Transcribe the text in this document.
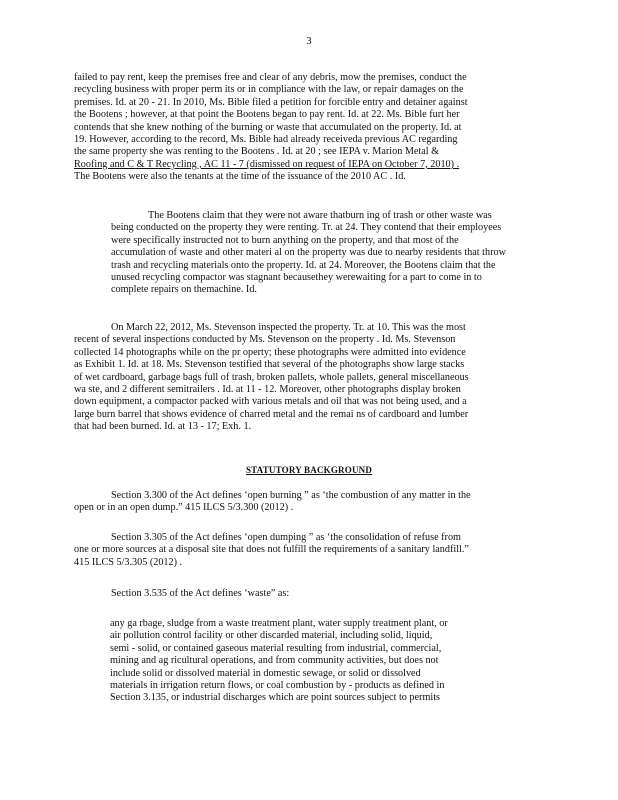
3
failed to pay rent, keep the premises free and clear of any debris, mow the premises, conduct the
recycling business with proper perm its or in compliance with the law, or repair damages on the
premises. Id. at 20 - 21. In 2010, Ms. Bible filed a petition for forcible entry and detainer against
the Bootens ; however, at that point the Bootens began to pay rent. Id. at 22. Ms. Bible furt her
contends that she knew nothing of the burning or waste that accumulated on the property. Id. at
19. However, according to the record, Ms. Bible had already receiveda previous AC regarding
the same property she was renting to the Bootens . Id. at 20 ; see IEPA v. Marion Metal &
Roofing and C & T Recycling , AC 11 - 7 (dismissed on request of IEPA on October 7, 2010) .
The Bootens were also the tenants at the time of the issuance of the 2010 AC . Id.
The Bootens claim that they were not aware thatburn ing of trash or other waste was
being conducted on the property they were renting. Tr. at 24. They contend that their employees
were specifically instructed not to burn anything on the property, and that most of the
accumulation of waste and other materi al on the property was due to nearby residents that throw
trash and recycling materials onto the property. Id. at 24. Moreover, the Bootens claim that the
unused recycling compactor was stagnant becausethey werewaiting for a part to come in to
complete repairs on themachine. Id.
On March 22, 2012, Ms. Stevenson inspected the property. Tr. at 10. This was the most
recent of several inspections conducted by Ms. Stevenson on the property . Id. Ms. Stevenson
collected 14 photographs while on the pr operty; these photographs were admitted into evidence
as Exhibit 1. Id. at 18. Ms. Stevenson testified that several of the photographs show large stacks
of wet cardboard, garbage bags full of trash, broken pallets, whole pallets, general miscellaneous
wa ste, and 2 different semitrailers . Id. at 11 - 12. Moreover, other photographs display broken
down equipment, a compactor packed with various metals and oil that was not being used, and a
large burn barrel that shows evidence of charred metal and the remai ns of cardboard and lumber
that had been burned. Id. at 13 - 17; Exh. 1.
STATUTORY BACKGROUND
Section 3.300 of the Act defines ‘open burning ” as ‘the combustion of any matter in the
open or in an open dump.” 415 ILCS 5/3.300 (2012) .
Section 3.305 of the Act defines ‘open dumping ” as ‘the consolidation of refuse from
one or more sources at a disposal site that does not fulfill the requirements of a sanitary landfill.”
415 ILCS 5/3.305 (2012) .
Section 3.535 of the Act defines ‘waste” as:
any ga rbage, sludge from a waste treatment plant, water supply treatment plant, or
air pollution control facility or other discarded material, including solid, liquid,
semi - solid, or contained gaseous material resulting from industrial, commercial,
mining and ag ricultural operations, and from community activities, but does not
include solid or dissolved material in domestic sewage, or solid or dissolved
materials in irrigation return flows, or coal combustion by - products as defined in
Section 3.135, or industrial discharges which are point sources subject to permits
